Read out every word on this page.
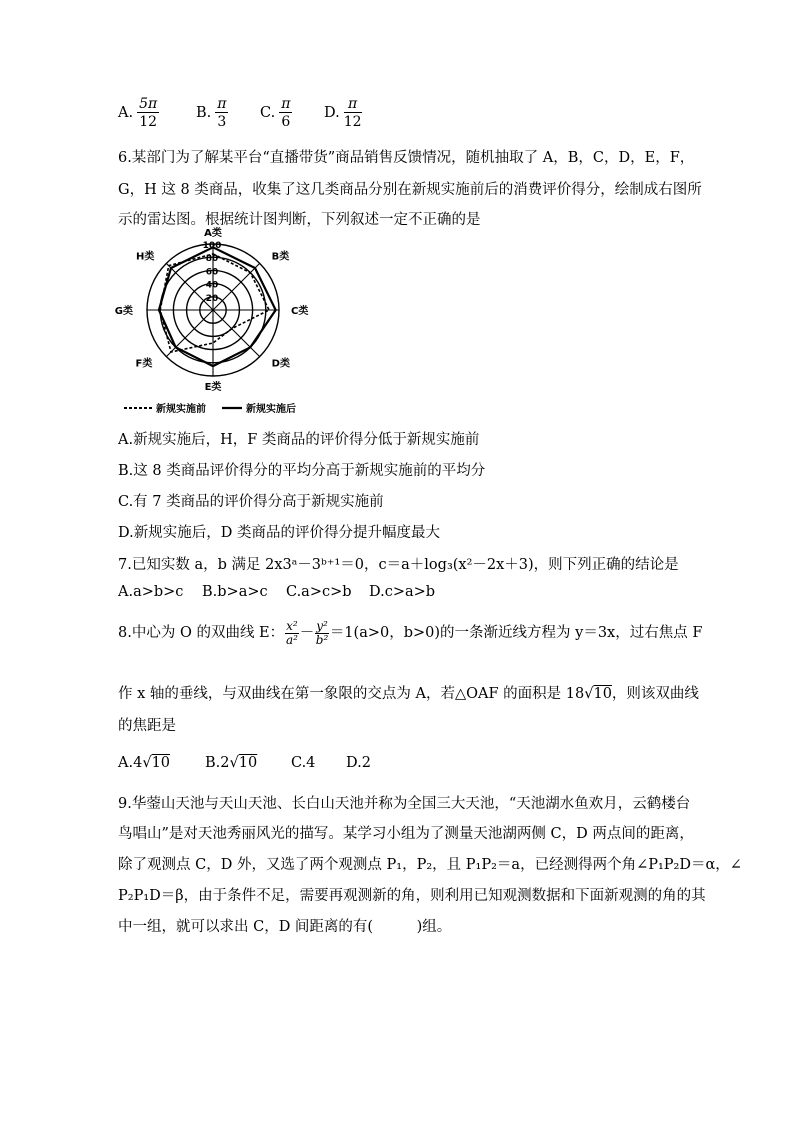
A. $\frac{5\pi}{12}$	B. $\frac{\pi}{3} C$. $\frac{\pi}{6} D$. $\frac{\pi}{12}$
6.某部门为了解某平台“直播带货”商品销售反馈情况，随机抽取了 A，B，C，D，E，F，
G，H 这 8 类商品，收集了这几类商品分别在新规实施前后的消费评价得分，绘制成右图所
示的雷达图。根据统计图判断，下列叙述一定不正确的是
20
40
60
80
100
A类
B类
C类
D类
E类
F类
G类
H类
新规实施前	新规实施后
A.新规实施后，H，F 类商品的评价得分低于新规实施前
B.这 8 类商品评价得分的平均分高于新规实施前的平均分
C.有 7 类商品的评价得分高于新规实施前
D.新规实施后，D 类商品的评价得分提升幅度最大
7.已知实数 a，b 满足 2x3ᵃ－3ᵇ⁺¹＝0，c＝a＋log₃(x²－2x＋3)，则下列正确的结论是
A.a>b>c B.b>a>c C.a>c>b D.c>a>b
8.中心为 O 的双曲线 E： $\frac{\text{x²}}{\text{a²}} - \frac{\text{y²}}{\text{b²}} =1(a>0$，b>0)的一条渐近线方程为 y＝3x，过右焦点 F
作 x 轴的垂线，与双曲线在第一象限的交点为 A，若△OAF 的面积是 18√10，则该双曲线
的焦距是
A.4√10 B.2√10 C.4 D.2
9.华蓥山天池与天山天池、长白山天池并称为全国三大天池，“天池湖水鱼欢月，云鹤楼台
鸟唱山”是对天池秀丽风光的描写。某学习小组为了测量天池湖两侧 C，D 两点间的距离，
除了观测点 C，D 外，又选了两个观测点 P₁，P₂，且 P₁P₂＝a，已经测得两个角∠P₁P₂D＝α，∠
P₂P₁D＝β，由于条件不足，需要再观测新的角，则利用已知观测数据和下面新观测的角的其
中一组，就可以求出 C，D 间距离的有(　　　)组。
